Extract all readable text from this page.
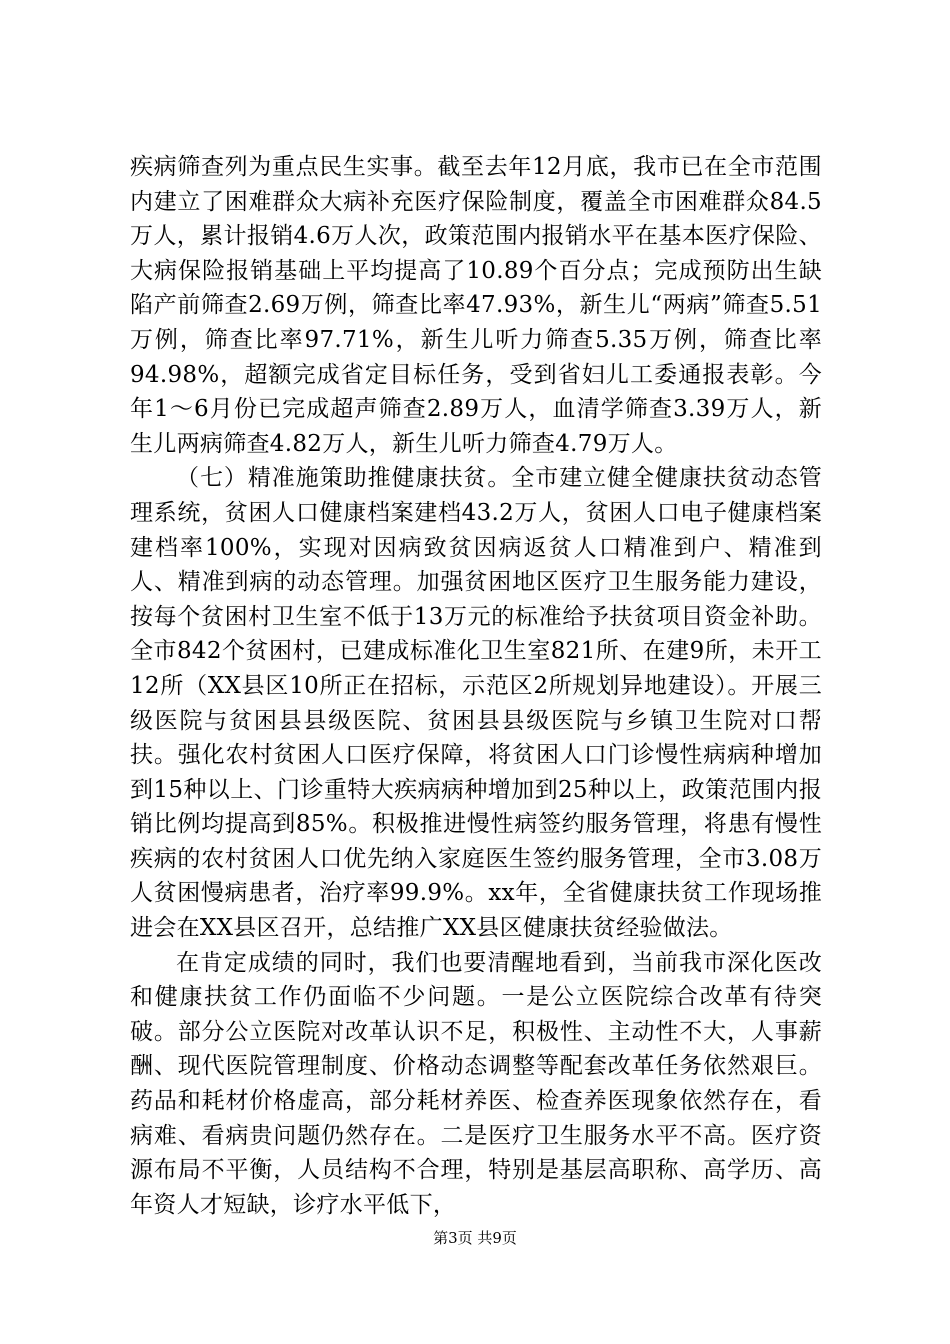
疾病筛查列为重点民生实事。截至去年12月底，我市已在全市范围内建立了困难群众大病补充医疗保险制度，覆盖全市困难群众84.5万人，累计报销4.6万人次，政策范围内报销水平在基本医疗保险、大病保险报销基础上平均提高了10.89个百分点；完成预防出生缺陷产前筛查2.69万例，筛查比率47.93%，新生儿“两病”筛查5.51万例，筛查比率97.71%，新生儿听力筛查5.35万例，筛查比率94.98%，超额完成省定目标任务，受到省妇儿工委通报表彰。今年1～6月份已完成超声筛查2.89万人，血清学筛查3.39万人，新生儿两病筛查4.82万人，新生儿听力筛查4.79万人。

（七）精准施策助推健康扶贫。全市建立健全健康扶贫动态管理系统，贫困人口健康档案建档43.2万人，贫困人口电子健康档案建档率100%，实现对因病致贫因病返贫人口精准到户、精准到人、精准到病的动态管理。加强贫困地区医疗卫生服务能力建设，按每个贫困村卫生室不低于13万元的标准给予扶贫项目资金补助。全市842个贫困村，已建成标准化卫生室821所、在建9所，未开工12所（XX县区10所正在招标，示范区2所规划异地建设）。开展三级医院与贫困县县级医院、贫困县县级医院与乡镇卫生院对口帮扶。强化农村贫困人口医疗保障，将贫困人口门诊慢性病病种增加到15种以上、门诊重特大疾病病种增加到25种以上，政策范围内报销比例均提高到85%。积极推进慢性病签约服务管理，将患有慢性疾病的农村贫困人口优先纳入家庭医生签约服务管理，全市3.08万人贫困慢病患者，治疗率99.9%。xx年，全省健康扶贫工作现场推进会在XX县区召开，总结推广XX县区健康扶贫经验做法。

在肯定成绩的同时，我们也要清醒地看到，当前我市深化医改和健康扶贫工作仍面临不少问题。一是公立医院综合改革有待突破。部分公立医院对改革认识不足，积极性、主动性不大，人事薪酬、现代医院管理制度、价格动态调整等配套改革任务依然艰巨。药品和耗材价格虚高，部分耗材养医、检查养医现象依然存在，看病难、看病贵问题仍然存在。二是医疗卫生服务水平不高。医疗资源布局不平衡，人员结构不合理，特别是基层高职称、高学历、高年资人才短缺，诊疗水平低下，

第3页 共9页
